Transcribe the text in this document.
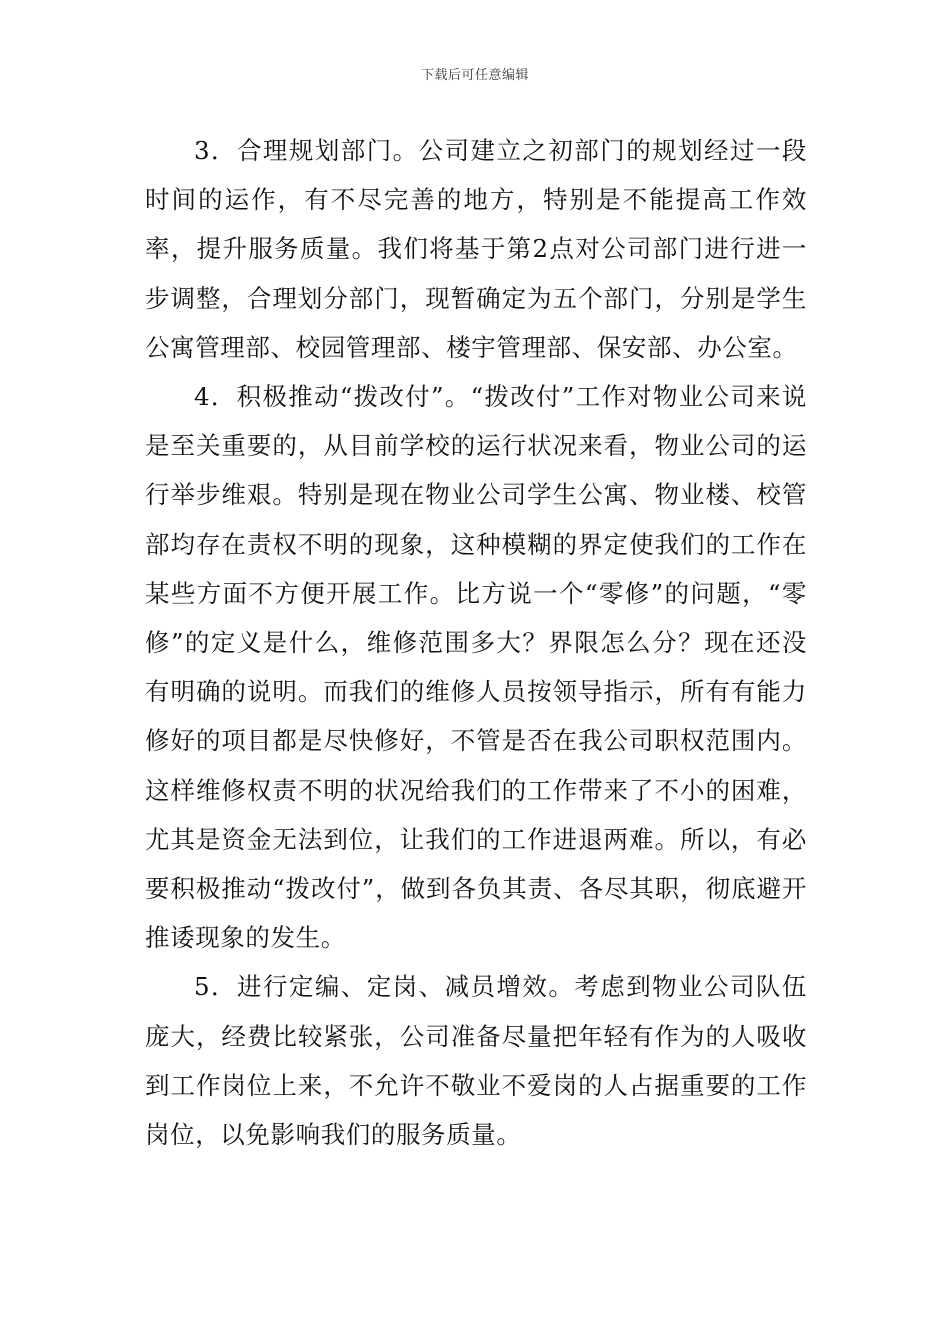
下载后可任意编辑

3．合理规划部门。公司建立之初部门的规划经过一段时间的运作，有不尽完善的地方，特别是不能提高工作效率，提升服务质量。我们将基于第2点对公司部门进行进一步调整，合理划分部门，现暂确定为五个部门，分别是学生公寓管理部、校园管理部、楼宇管理部、保安部、办公室。

4．积极推动“拨改付”。“拨改付”工作对物业公司来说是至关重要的，从目前学校的运行状况来看，物业公司的运行举步维艰。特别是现在物业公司学生公寓、物业楼、校管部均存在责权不明的现象，这种模糊的界定使我们的工作在某些方面不方便开展工作。比方说一个“零修”的问题，“零修”的定义是什么，维修范围多大？界限怎么分？现在还没有明确的说明。而我们的维修人员按领导指示，所有有能力修好的项目都是尽快修好，不管是否在我公司职权范围内。这样维修权责不明的状况给我们的工作带来了不小的困难，尤其是资金无法到位，让我们的工作进退两难。所以，有必要积极推动“拨改付”，做到各负其责、各尽其职，彻底避开推诿现象的发生。

5．进行定编、定岗、减员增效。考虑到物业公司队伍庞大，经费比较紧张，公司准备尽量把年轻有作为的人吸收到工作岗位上来，不允许不敬业不爱岗的人占据重要的工作岗位，以免影响我们的服务质量。
